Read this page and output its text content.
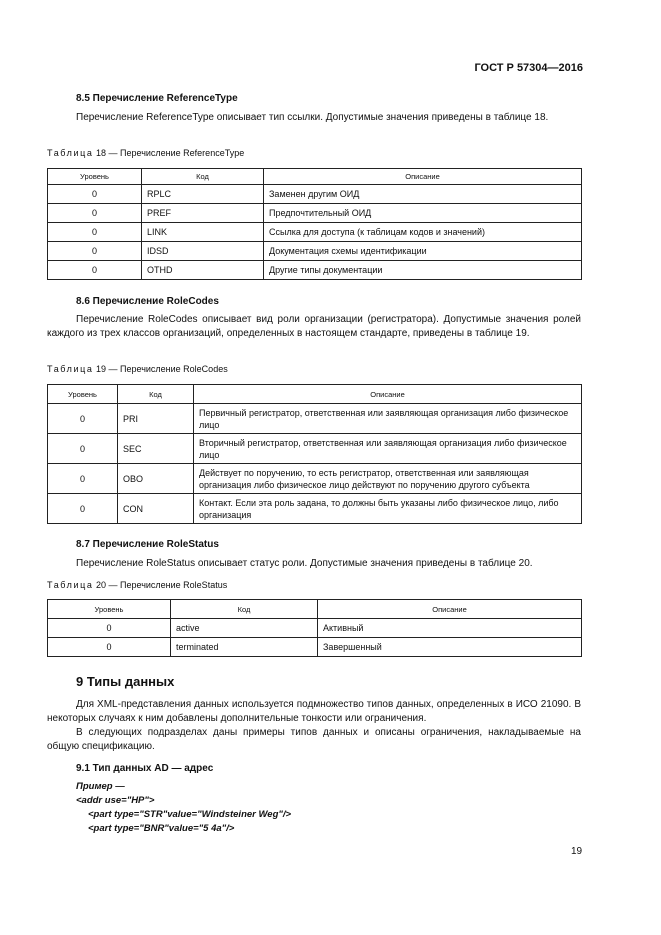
ГОСТ Р 57304—2016
8.5 Перечисление ReferenceType
Перечисление ReferenceType описывает тип ссылки. Допустимые значения приведены в таблице 18.
Таблица 18 — Перечисление ReferenceType
Уровень	Код	Описание
0	RPLC	Заменен другим ОИД
0	PREF	Предпочтительный ОИД
0	LINK	Ссылка для доступа (к таблицам кодов и значений)
0	IDSD	Документация схемы идентификации
0	OTHD	Другие типы документации
8.6 Перечисление RoleCodes
Перечисление RoleCodes описывает вид роли организации (регистратора). Допустимые значения ролей каждого из трех классов организаций, определенных в настоящем стандарте, приведены в таблице 19.
Таблица 19 — Перечисление RoleCodes
Уровень	Код	Описание
0	PRI	Первичный регистратор, ответственная или заявляющая организация либо физическое лицо
0	SEC	Вторичный регистратор, ответственная или заявляющая организация либо физическое лицо
0	OBO	Действует по поручению, то есть регистратор, ответственная или заявляющая организация либо физическое лицо действуют по поручению другого субъекта
0	CON	Контакт. Если эта роль задана, то должны быть указаны либо физическое лицо, либо организация
8.7 Перечисление RoleStatus
Перечисление RoleStatus описывает статус роли. Допустимые значения приведены в таблице 20.
Таблица 20 — Перечисление RoleStatus
Уровень	Код	Описание
0	active	Активный
0	terminated	Завершенный
9 Типы данных
Для XML-представления данных используется подмножество типов данных, определенных в ИСО 21090. В некоторых случаях к ним добавлены дополнительные тонкости или ограничения.
В следующих подразделах даны примеры типов данных и описаны ограничения, накладываемые на общую спецификацию.
9.1 Тип данных AD — адрес
Пример —
<addr use="HP">
<part type="STR"value="Windsteiner Weg"/>
<part type="BNR"value="5 4a"/>
19
